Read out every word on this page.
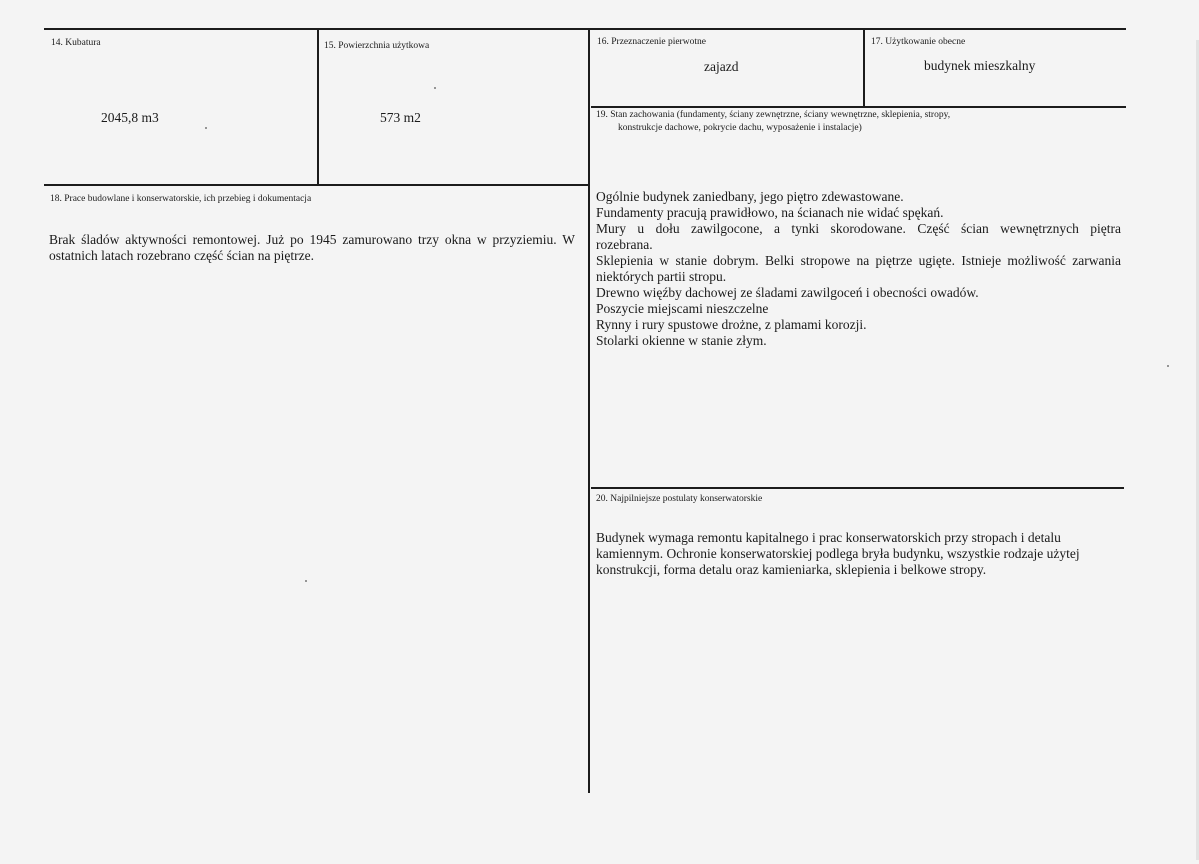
14. Kubatura
2045,8 m3
15. Powierzchnia użytkowa
573 m2
16. Przeznaczenie pierwotne
zajazd
17. Użytkowanie obecne
budynek mieszkalny
18. Prace budowlane i konserwatorskie, ich przebieg i dokumentacja
Brak śladów aktywności remontowej. Już po 1945 zamurowano trzy okna w przyziemiu. W ostatnich latach rozebrano część ścian na piętrze.
19. Stan zachowania (fundamenty, ściany zewnętrzne, ściany wewnętrzne, sklepienia, stropy,
konstrukcje dachowe, pokrycie dachu, wyposażenie i instalacje)
Ogólnie budynek zaniedbany, jego piętro zdewastowane.
Fundamenty pracują prawidłowo, na ścianach nie widać spękań.
Mury u dołu zawilgocone, a tynki skorodowane. Część ścian wewnętrznych piętra
rozebrana.
Sklepienia w stanie dobrym. Belki stropowe na piętrze ugięte. Istnieje możliwość zarwania
niektórych partii stropu.
Drewno więźby dachowej ze śladami zawilgoceń i obecności owadów.
Poszycie miejscami nieszczelne
Rynny i rury spustowe drożne, z plamami korozji.
Stolarki okienne w stanie złym.
20. Najpilniejsze postulaty konserwatorskie
Budynek wymaga remontu kapitalnego i prac konserwatorskich przy stropach i detalu
kamiennym. Ochronie konserwatorskiej podlega bryła budynku, wszystkie rodzaje użytej
konstrukcji, forma detalu oraz kamieniarka, sklepienia i belkowe stropy.
